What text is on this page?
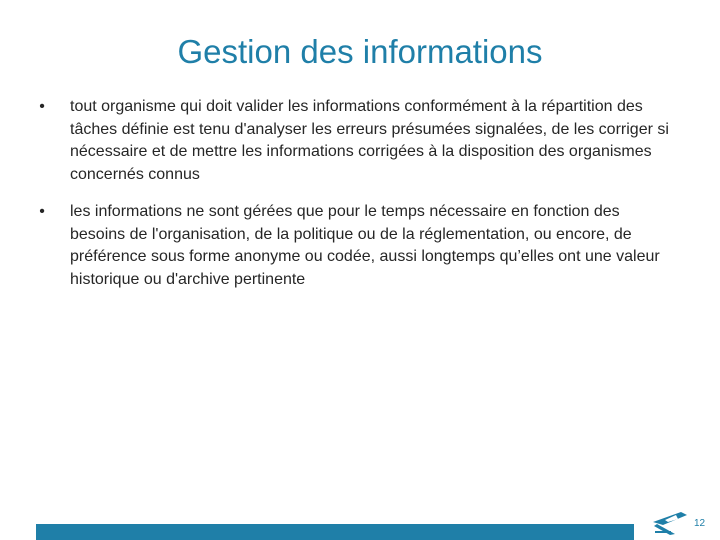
Gestion des informations
• tout organisme qui doit valider les informations conformément à la répartition des tâches définie est tenu d'analyser les erreurs présumées signalées, de les corriger si nécessaire et de mettre les informations corrigées à la disposition des organismes concernés connus
• les informations ne sont gérées que pour le temps nécessaire en fonction des besoins de l'organisation, de la politique ou de la réglementation, ou encore, de préférence sous forme anonyme ou codée, aussi longtemps qu’elles ont une valeur historique ou d'archive pertinente
12
